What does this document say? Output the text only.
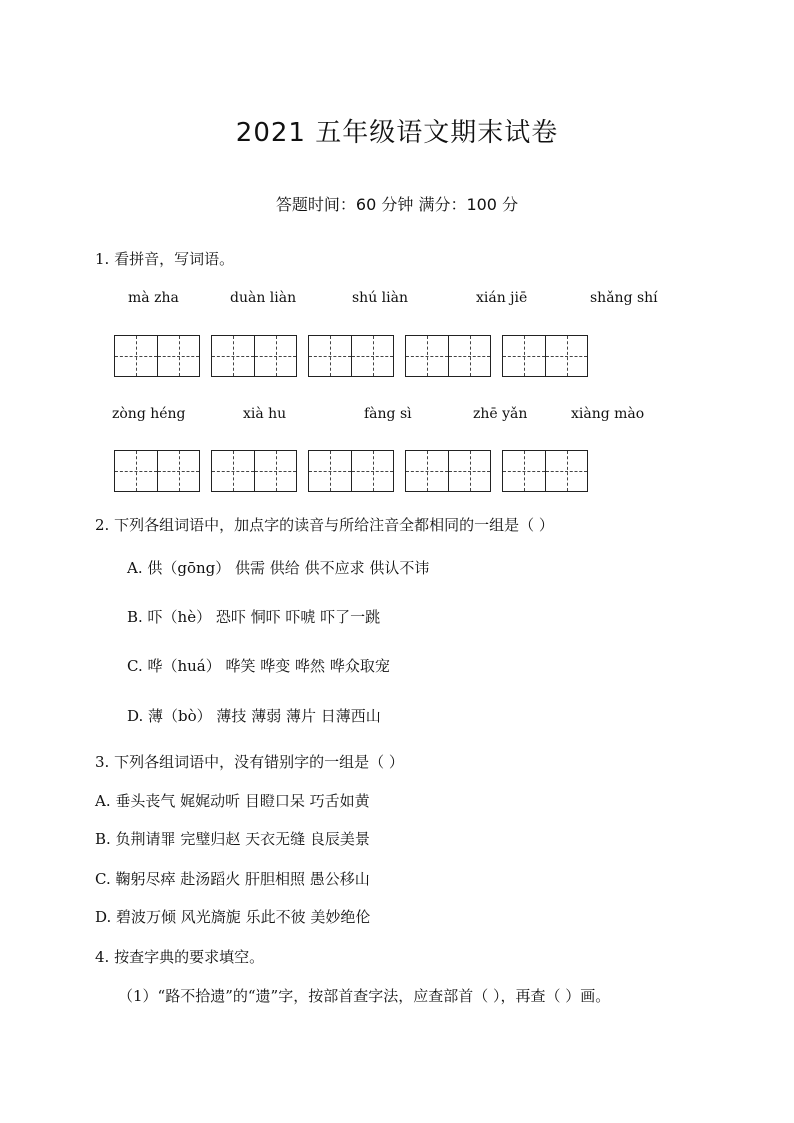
2021 五年级语文期末试卷
答题时间：60 分钟 满分：100 分
1. 看拼音，写词语。
mà zha	duàn liàn	shú liàn	xián jiē	shǎng shí
zòng héng	xià hu	fàng sì	zhē yǎn	xiàng mào
2. 下列各组词语中，加点字的读音与所给注音全都相同的一组是（ ）
A. 供（gōng） 供需 供给 供不应求 供认不讳
B. 吓（hè） 恐吓 恫吓 吓唬 吓了一跳
C. 哗（huá） 哗笑 哗变 哗然 哗众取宠
D. 薄（bò） 薄技 薄弱 薄片 日薄西山
3. 下列各组词语中，没有错别字的一组是（ ）
A. 垂头丧气 娓娓动听 目瞪口呆 巧舌如黄
B. 负荆请罪 完璧归赵 天衣无缝 良辰美景
C. 鞠躬尽瘁 赴汤蹈火 肝胆相照 愚公移山
D. 碧波万倾 风光旖旎 乐此不彼 美妙绝伦
4. 按查字典的要求填空。
（1）“路不拾遗”的“遗”字，按部首查字法，应查部首（ ），再查（ ）画。
